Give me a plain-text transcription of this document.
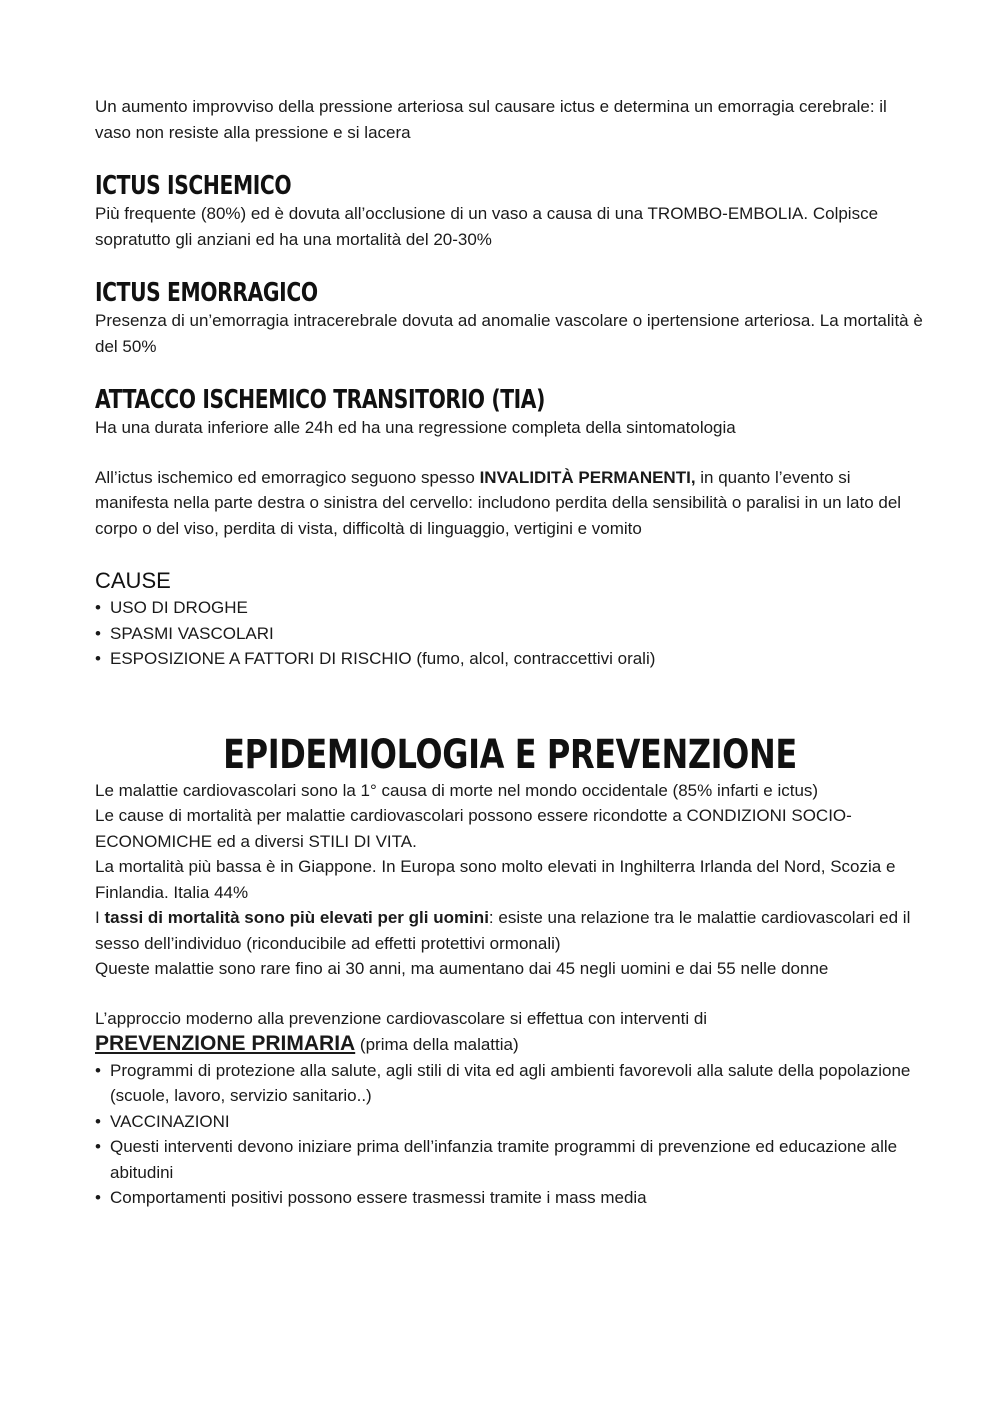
Un aumento improvviso della pressione arteriosa sul causare ictus e determina un emorragia cerebrale: il vaso non resiste alla pressione e si lacera

ICTUS ISCHEMICO

Più frequente (80%) ed è dovuta all’occlusione di un vaso a causa di una TROMBO-EMBOLIA. Colpisce sopratutto gli anziani ed ha una mortalità del 20-30%

ICTUS EMORRAGICO

Presenza di un’emorragia intracerebrale dovuta ad anomalie vascolare o ipertensione arteriosa. La mortalità è del 50%

ATTACCO ISCHEMICO TRANSITORIO (TIA)

Ha una durata inferiore alle 24h ed ha una regressione completa della sintomatologia

All’ictus ischemico ed emorragico seguono spesso INVALIDITÀ PERMANENTI, in quanto l’evento si manifesta nella parte destra o sinistra del cervello: includono perdita della sensibilità o paralisi in un lato del corpo o del viso, perdita di vista, difficoltà di linguaggio, vertigini e vomito

CAUSE
• USO DI DROGHE
• SPASMI VASCOLARI
• ESPOSIZIONE A FATTORI DI RISCHIO (fumo, alcol, contraccettivi orali)
EPIDEMIOLOGIA E PREVENZIONE

Le malattie cardiovascolari sono la 1° causa di morte nel mondo occidentale (85% infarti e ictus)

Le cause di mortalità per malattie cardiovascolari possono essere ricondotte a CONDIZIONI SOCIO-ECONOMICHE ed a diversi STILI DI VITA.

La mortalità più bassa è in Giappone. In Europa sono molto elevati in Inghilterra Irlanda del Nord, Scozia e Finlandia. Italia 44%

I tassi di mortalità sono più elevati per gli uomini: esiste una relazione tra le malattie cardiovascolari ed il sesso dell’individuo (riconducibile ad effetti protettivi ormonali)

Queste malattie sono rare fino ai 30 anni, ma aumentano dai 45 negli uomini e dai 55 nelle donne

L’approccio moderno alla prevenzione cardiovascolare si effettua con interventi di

PREVENZIONE PRIMARIA (prima della malattia)

• Programmi di protezione alla salute, agli stili di vita ed agli ambienti favorevoli alla salute della popolazione (scuole, lavoro, servizio sanitario..)
• VACCINAZIONI
• Questi interventi devono iniziare prima dell’infanzia tramite programmi di prevenzione ed educazione alle abitudini
• Comportamenti positivi possono essere trasmessi tramite i mass media
